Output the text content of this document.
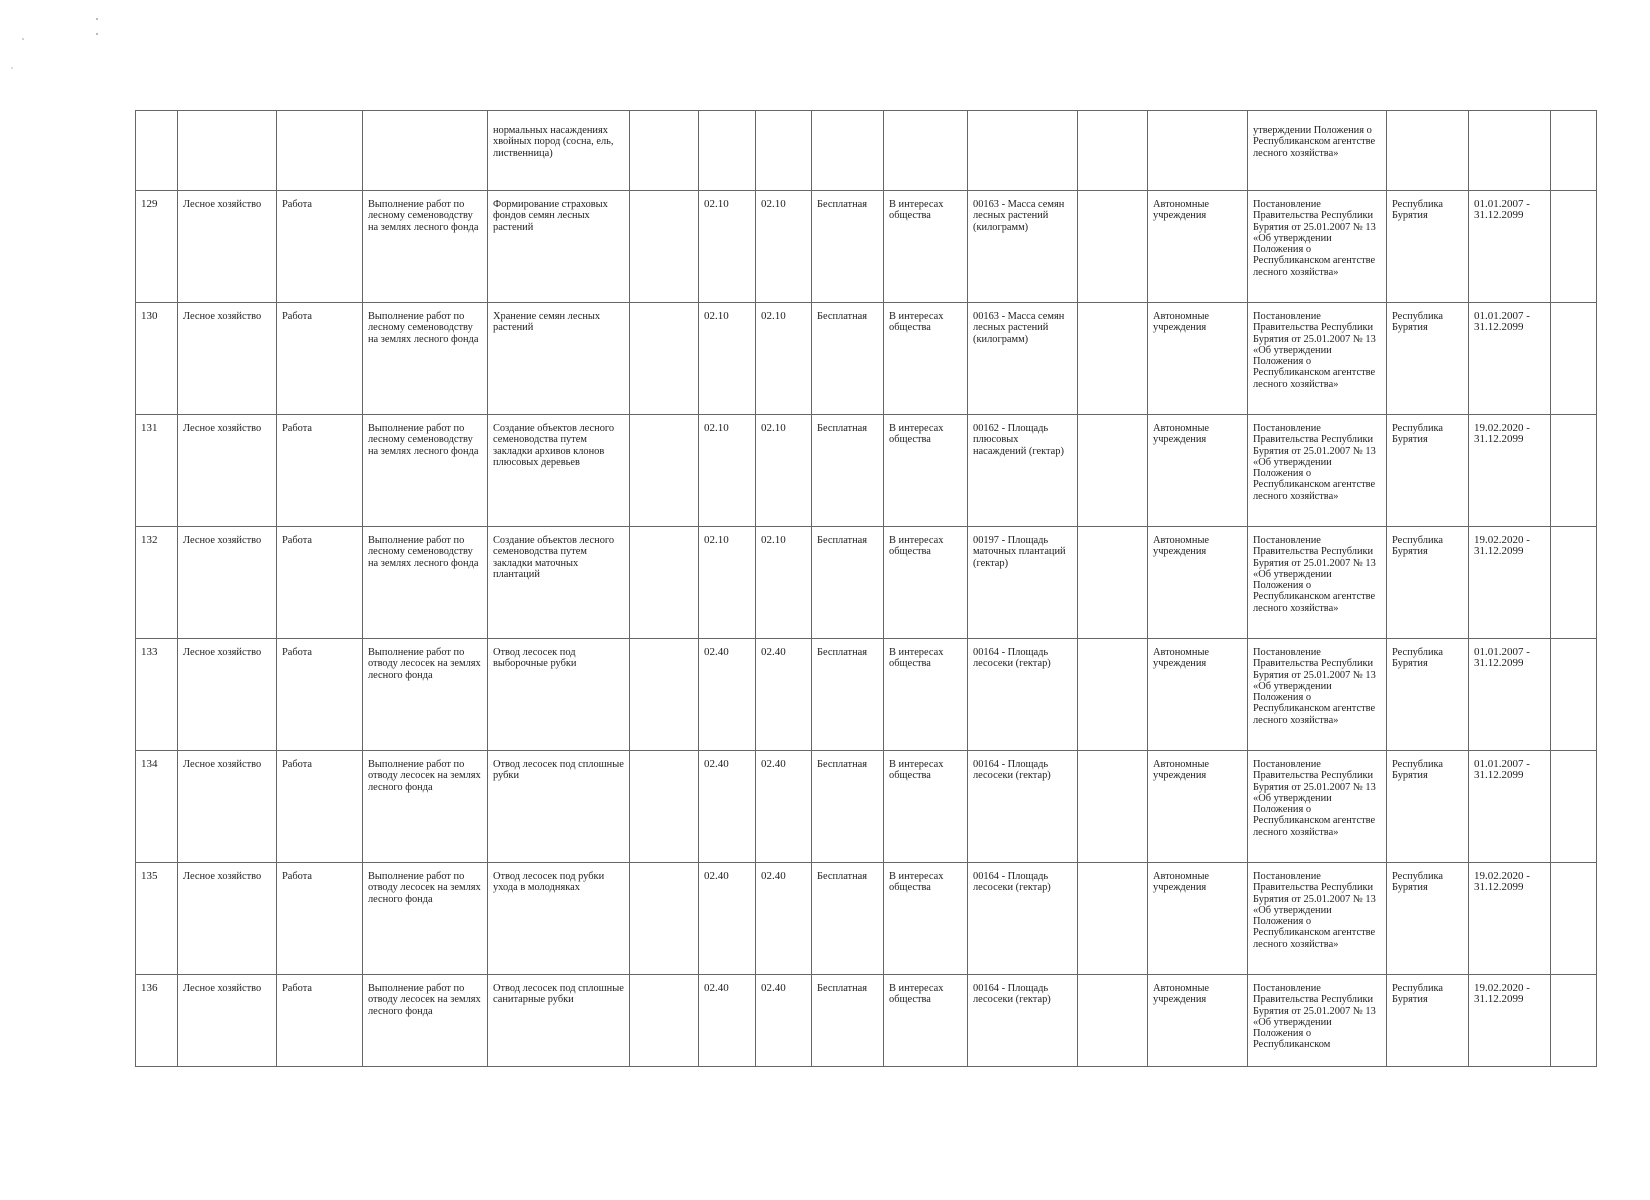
				нормальных насаждениях хвойных пород (сосна, ель, лиственница)									утверждении Положения о Республиканском агентстве лесного хозяйства»			
129	Лесное хозяйство	Работа	Выполнение работ по лесному семеноводству на землях лесного фонда	Формирование страховых фондов семян лесных растений		02.10	02.10	Бесплатная	В интересах общества	00163 - Масса семян лесных растений (килограмм)		Автономные учреждения	Постановление Правительства Республики Бурятия от 25.01.2007 № 13 «Об утверждении Положения о Республиканском агентстве лесного хозяйства»	Республика Бурятия	01.01.2007 - 31.12.2099	
130	Лесное хозяйство	Работа	Выполнение работ по лесному семеноводству на землях лесного фонда	Хранение семян лесных растений		02.10	02.10	Бесплатная	В интересах общества	00163 - Масса семян лесных растений (килограмм)		Автономные учреждения	Постановление Правительства Республики Бурятия от 25.01.2007 № 13 «Об утверждении Положения о Республиканском агентстве лесного хозяйства»	Республика Бурятия	01.01.2007 - 31.12.2099	
131	Лесное хозяйство	Работа	Выполнение работ по лесному семеноводству на землях лесного фонда	Создание объектов лесного семеноводства путем закладки архивов клонов плюсовых деревьев		02.10	02.10	Бесплатная	В интересах общества	00162 - Площадь плюсовых насаждений (гектар)		Автономные учреждения	Постановление Правительства Республики Бурятия от 25.01.2007 № 13 «Об утверждении Положения о Республиканском агентстве лесного хозяйства»	Республика Бурятия	19.02.2020 - 31.12.2099	
132	Лесное хозяйство	Работа	Выполнение работ по лесному семеноводству на землях лесного фонда	Создание объектов лесного семеноводства путем закладки маточных плантаций		02.10	02.10	Бесплатная	В интересах общества	00197 - Площадь маточных плантаций (гектар)		Автономные учреждения	Постановление Правительства Республики Бурятия от 25.01.2007 № 13 «Об утверждении Положения о Республиканском агентстве лесного хозяйства»	Республика Бурятия	19.02.2020 - 31.12.2099	
133	Лесное хозяйство	Работа	Выполнение работ по отводу лесосек на землях лесного фонда	Отвод лесосек под выборочные рубки		02.40	02.40	Бесплатная	В интересах общества	00164 - Площадь лесосеки (гектар)		Автономные учреждения	Постановление Правительства Республики Бурятия от 25.01.2007 № 13 «Об утверждении Положения о Республиканском агентстве лесного хозяйства»	Республика Бурятия	01.01.2007 - 31.12.2099	
134	Лесное хозяйство	Работа	Выполнение работ по отводу лесосек на землях лесного фонда	Отвод лесосек под сплошные рубки		02.40	02.40	Бесплатная	В интересах общества	00164 - Площадь лесосеки (гектар)		Автономные учреждения	Постановление Правительства Республики Бурятия от 25.01.2007 № 13 «Об утверждении Положения о Республиканском агентстве лесного хозяйства»	Республика Бурятия	01.01.2007 - 31.12.2099	
135	Лесное хозяйство	Работа	Выполнение работ по отводу лесосек на землях лесного фонда	Отвод лесосек под рубки ухода в молодняках		02.40	02.40	Бесплатная	В интересах общества	00164 - Площадь лесосеки (гектар)		Автономные учреждения	Постановление Правительства Республики Бурятия от 25.01.2007 № 13 «Об утверждении Положения о Республиканском агентстве лесного хозяйства»	Республика Бурятия	19.02.2020 - 31.12.2099	
136	Лесное хозяйство	Работа	Выполнение работ по отводу лесосек на землях лесного фонда	Отвод лесосек под сплошные санитарные рубки		02.40	02.40	Бесплатная	В интересах общества	00164 - Площадь лесосеки (гектар)		Автономные учреждения	Постановление Правительства Республики Бурятия от 25.01.2007 № 13 «Об утверждении Положения о Республиканском	Республика Бурятия	19.02.2020 - 31.12.2099	
